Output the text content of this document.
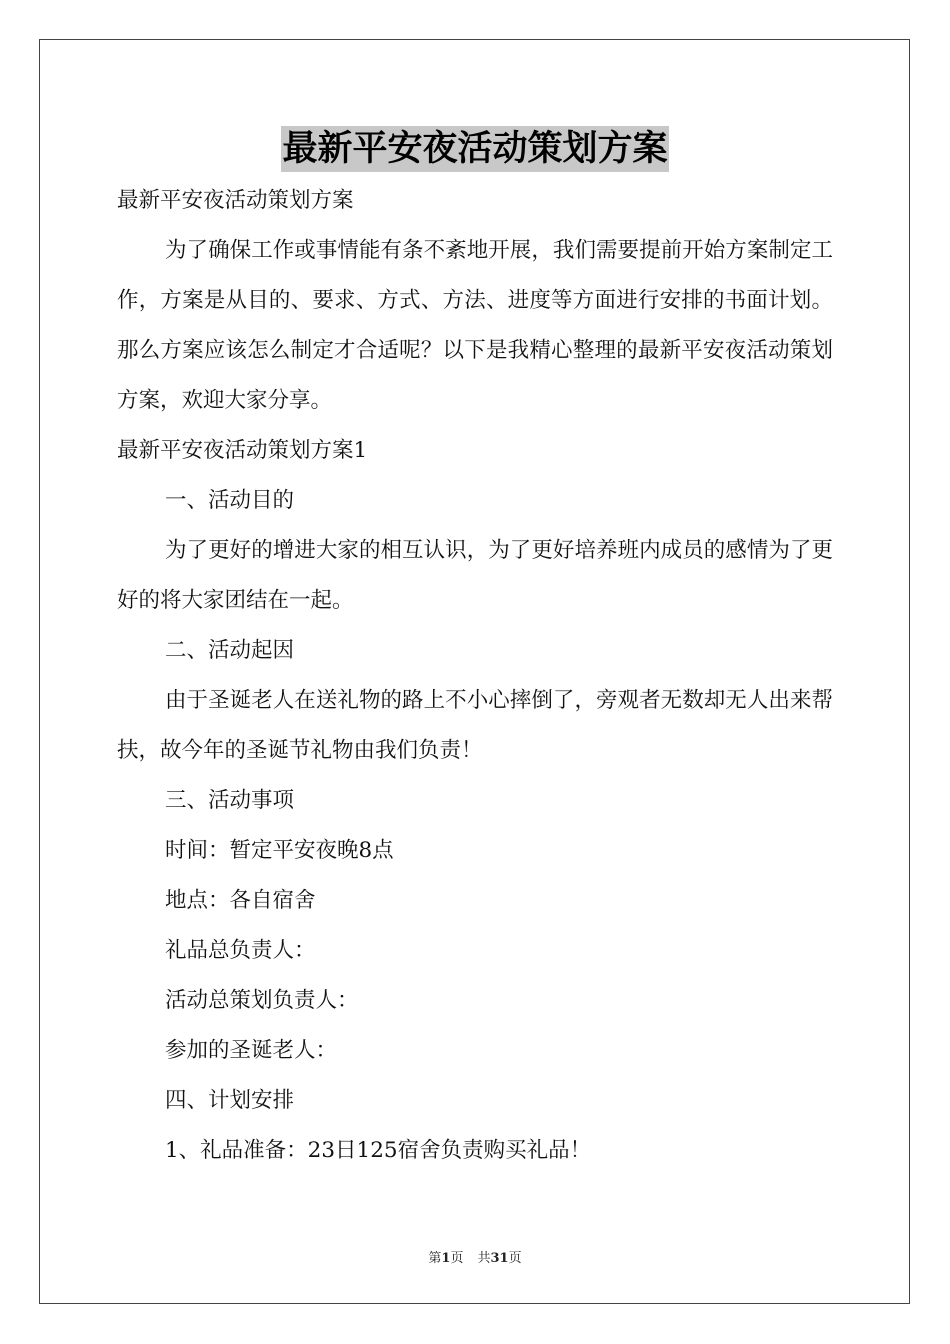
最新平安夜活动策划方案

最新平安夜活动策划方案

为了确保工作或事情能有条不紊地开展，我们需要提前开始方案制定工作，方案是从目的、要求、方式、方法、进度等方面进行安排的书面计划。那么方案应该怎么制定才合适呢？以下是我精心整理的最新平安夜活动策划方案，欢迎大家分享。

最新平安夜活动策划方案1

一、活动目的

为了更好的增进大家的相互认识，为了更好培养班内成员的感情为了更好的将大家团结在一起。

二、活动起因

由于圣诞老人在送礼物的路上不小心摔倒了，旁观者无数却无人出来帮扶，故今年的圣诞节礼物由我们负责！

三、活动事项

时间：暂定平安夜晚8点

地点：各自宿舍

礼品总负责人：

活动总策划负责人：

参加的圣诞老人：

四、计划安排

1、礼品准备：23日125宿舍负责购买礼品！

第1页 共31页
